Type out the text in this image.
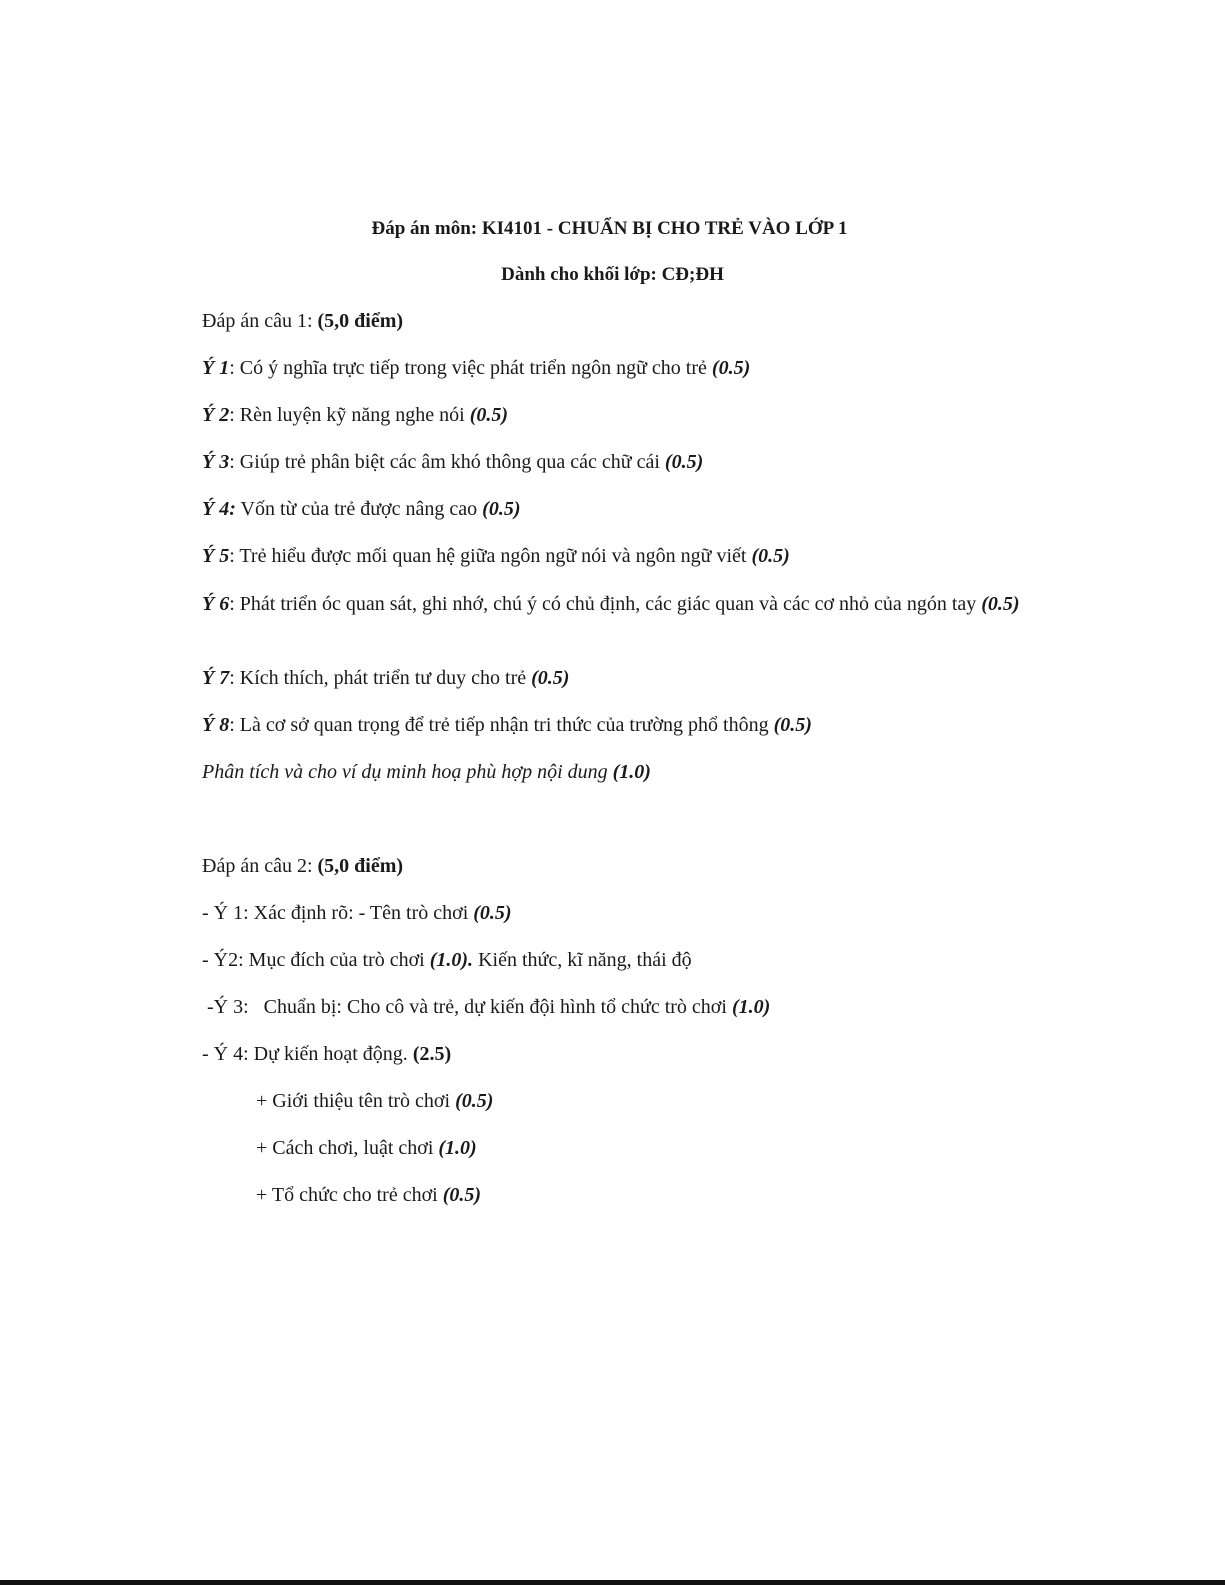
Đáp án môn: KI4101 - CHUẨN BỊ CHO TRẺ VÀO LỚP 1

Dành cho khối lớp: CĐ;ĐH

Đáp án câu 1: (5,0 điểm)

Ý 1: Có ý nghĩa trực tiếp trong việc phát triển ngôn ngữ cho trẻ (0.5)

Ý 2: Rèn luyện kỹ năng nghe nói (0.5)

Ý 3: Giúp trẻ phân biệt các âm khó thông qua các chữ cái (0.5)

Ý 4: Vốn từ của trẻ được nâng cao (0.5)

Ý 5: Trẻ hiểu được mối quan hệ giữa ngôn ngữ nói và ngôn ngữ viết (0.5)

Ý 6: Phát triển óc quan sát, ghi nhớ, chú ý có chủ định, các giác quan và các cơ nhỏ của ngón tay (0.5)

Ý 7: Kích thích, phát triển tư duy cho trẻ (0.5)

Ý 8: Là cơ sở quan trọng để trẻ tiếp nhận tri thức của trường phổ thông (0.5)

Phân tích và cho ví dụ minh hoạ phù hợp nội dung (1.0)

Đáp án câu 2: (5,0 điểm)

- Ý 1: Xác định rõ: - Tên trò chơi (0.5)

- Ý2: Mục đích của trò chơi (1.0). Kiến thức, kĩ năng, thái độ

-Ý 3:   Chuẩn bị: Cho cô và trẻ, dự kiến đội hình tổ chức trò chơi (1.0)

- Ý 4: Dự kiến hoạt động. (2.5)

+ Giới thiệu tên trò chơi (0.5)

+ Cách chơi, luật chơi (1.0)

+ Tổ chức cho trẻ chơi (0.5)
